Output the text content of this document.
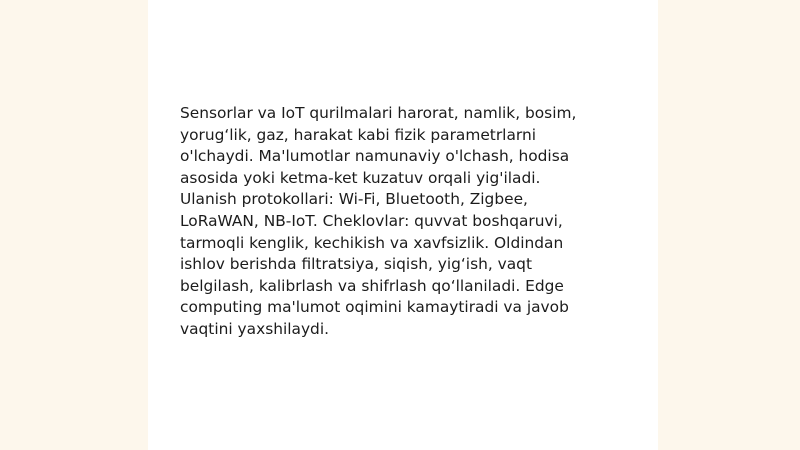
Sensorlar va IoT qurilmalari harorat, namlik, bosim,
yorug‘lik, gaz, harakat kabi fizik parametrlarni
o'lchaydi. Ma'lumotlar namunaviy o'lchash, hodisa
asosida yoki ketma-ket kuzatuv orqali yig'iladi.
Ulanish protokollari: Wi-Fi, Bluetooth, Zigbee,
LoRaWAN, NB-IoT. Cheklovlar: quvvat boshqaruvi,
tarmoqli kenglik, kechikish va xavfsizlik. Oldindan
ishlov berishda filtratsiya, siqish, yig‘ish, vaqt
belgilash, kalibrlash va shifrlash qo‘llaniladi. Edge
computing ma'lumot oqimini kamaytiradi va javob
vaqtini yaxshilaydi.
